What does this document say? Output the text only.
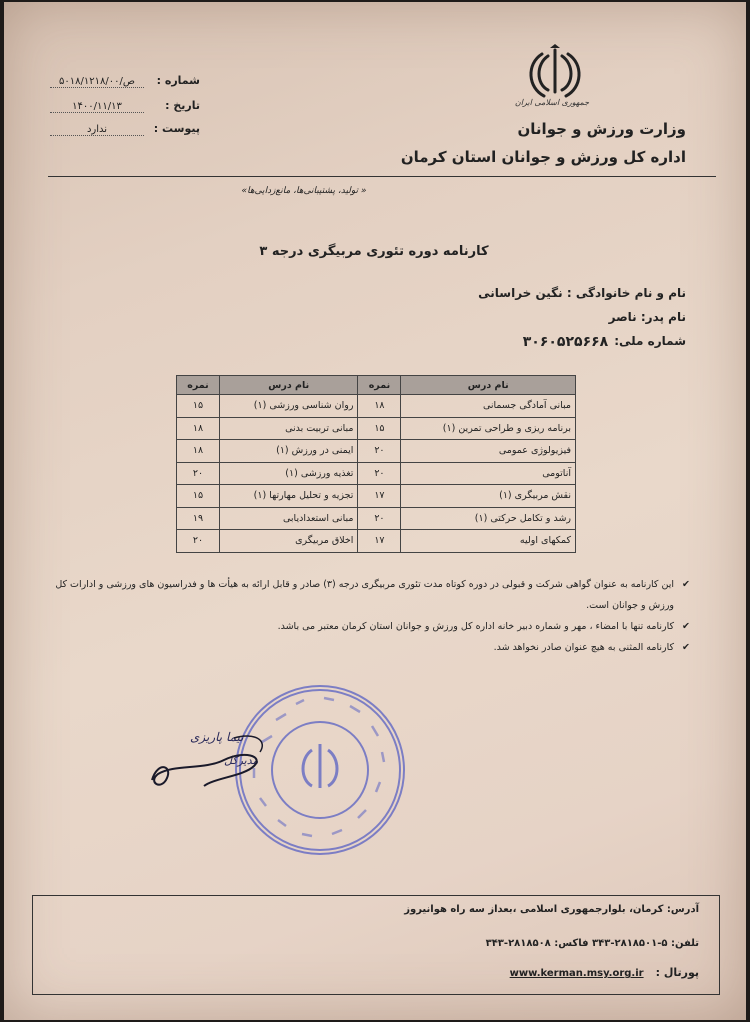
جمهوری اسلامی ایران
وزارت ورزش و جوانان
اداره کل ورزش و جوانان استان کرمان
شماره :
۵۰۱۸/ص/۱۲۱۸/۰۰
تاریخ :
۱۴۰۰/۱۱/۱۳
پیوست :
ندارد
« تولید، پشتیبانی‌ها، مانع‌زدایی‌ها»
کارنامه دوره تئوری مربیگری درجه ۳
نام و نام خانوادگی : نگین خراسانی
نام پدر: ناصر
شماره ملی:
۳۰۶۰۵۲۵۶۶۸
نام درس	نمره	نام درس	نمره
مبانی آمادگی جسمانی	۱۸	روان شناسی ورزشی (۱)	۱۵
برنامه ریزی و طراحی تمرین (۱)	۱۵	مبانی تربیت بدنی	۱۸
فیزیولوژی عمومی	۲۰	ایمنی در ورزش (۱)	۱۸
آناتومی	۲۰	تغذیه ورزشی (۱)	۲۰
نقش مربیگری (۱)	۱۷	تجزیه و تحلیل مهارتها (۱)	۱۵
رشد و تکامل حرکتی (۱)	۲۰	مبانی استعدادیابی	۱۹
کمکهای اولیه	۱۷	اخلاق مربیگری	۲۰
✔
این کارنامه به عنوان گواهی شرکت و قبولی در دوره کوتاه مدت تئوری مربیگری درجه (۳) صادر و قابل ارائه به هیأت ها و فدراسیون های ورزشی و ادارات کل ورزش و جوانان است.
✔
کارنامه تنها با امضاء ، مهر و شماره دبیر خانه اداره کل ورزش و جوانان استان کرمان معتبر می باشد.
✔
کارنامه المثنی به هیچ عنوان صادر نخواهد شد.
نیما پاریزی
مدیرکل
آدرس: کرمان، بلوارجمهوری اسلامی ،بعداز سه راه هوانیروز
تلفن: ۵-۲۸۱۸۵۰۱-۳۴۳ فاکس: ۲۸۱۸۵۰۸-۳۴۳
پورتال :
www.kerman.msy.org.ir
